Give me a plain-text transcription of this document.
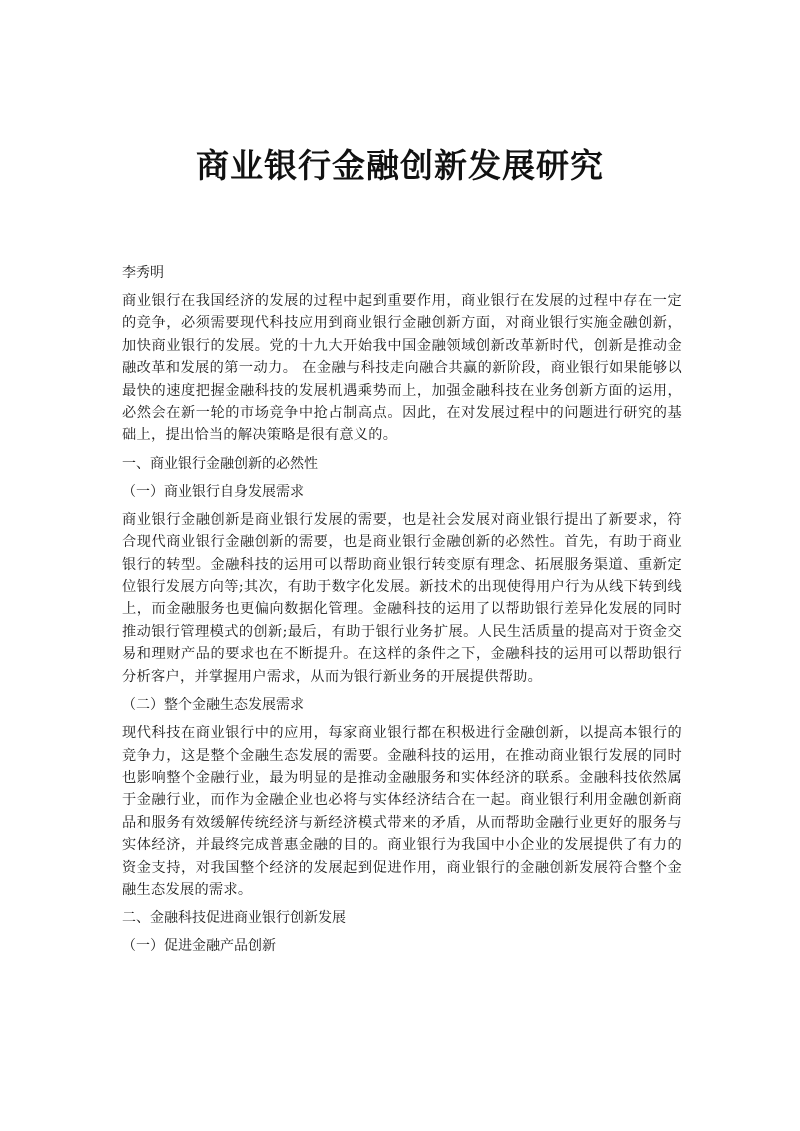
商业银行金融创新发展研究

李秀明

商业银行在我国经济的发展的过程中起到重要作用，商业银行在发展的过程中存在一定的竞争，必须需要现代科技应用到商业银行金融创新方面，对商业银行实施金融创新，加快商业银行的发展。党的十九大开始我中国金融领域创新改革新时代，创新是推动金融改革和发展的第一动力。 在金融与科技走向融合共赢的新阶段，商业银行如果能够以最快的速度把握金融科技的发展机遇乘势而上，加强金融科技在业务创新方面的运用，必然会在新一轮的市场竞争中抢占制高点。因此，在对发展过程中的问题进行研究的基础上，提出恰当的解决策略是很有意义的。

一、商业银行金融创新的必然性

（一）商业银行自身发展需求

商业银行金融创新是商业银行发展的需要，也是社会发展对商业银行提出了新要求，符合现代商业银行金融创新的需要，也是商业银行金融创新的必然性。首先，有助于商业银行的转型。金融科技的运用可以帮助商业银行转变原有理念、拓展服务渠道、重新定位银行发展方向等;其次，有助于数字化发展。新技术的出现使得用户行为从线下转到线上，而金融服务也更偏向数据化管理。金融科技的运用了以帮助银行差异化发展的同时推动银行管理模式的创新;最后，有助于银行业务扩展。人民生活质量的提高对于资金交易和理财产品的要求也在不断提升。在这样的条件之下，金融科技的运用可以帮助银行分析客户，并掌握用户需求，从而为银行新业务的开展提供帮助。

（二）整个金融生态发展需求

现代科技在商业银行中的应用，每家商业银行都在积极进行金融创新，以提高本银行的竞争力，这是整个金融生态发展的需要。金融科技的运用，在推动商业银行发展的同时也影响整个金融行业，最为明显的是推动金融服务和实体经济的联系。金融科技依然属于金融行业，而作为金融企业也必将与实体经济结合在一起。商业银行利用金融创新商品和服务有效缓解传统经济与新经济模式带来的矛盾，从而帮助金融行业更好的服务与实体经济，并最终完成普惠金融的目的。商业银行为我国中小企业的发展提供了有力的资金支持，对我国整个经济的发展起到促进作用，商业银行的金融创新发展符合整个金融生态发展的需求。

二、金融科技促进商业银行创新发展

（一）促进金融产品创新
